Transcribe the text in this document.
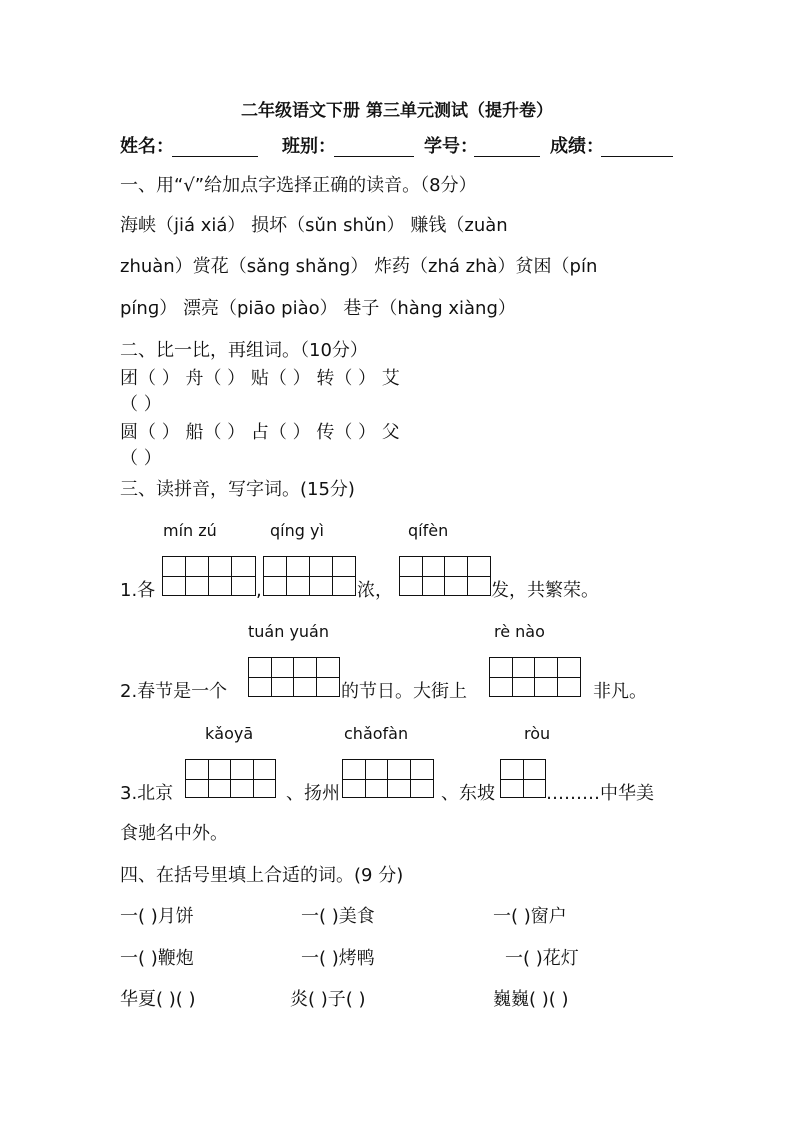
二年级语文下册 第三单元测试（提升卷）
姓名：	班别：	学号：	成绩：
一、用“√”给加点字选择正确的读音。（8分）
海峡（jiá xiá） 损坏（sǔn shǔn） 赚钱（zuàn
zhuàn）赏花（sǎng shǎng） 炸药（zhá zhà）贫困（pín
pínɡ） 漂亮（piāo piào） 巷子（hàng xiàng）
二、比一比，再组词。（10分）
团（ ） 舟（ ） 贴（ ） 转（ ） 艾
（ ）
圆（ ） 船（ ） 占（ ） 传（ ） 父
（ ）
三、读拼音，写字词。(15分)
mín zú	qíng yì	qífèn
1.各	,	浓，	发，共繁荣。
tuán yuán	rè nào
2.春节是一个	的节日。大街上	非凡。
kǎoyā	chǎofàn	ròu
3.北京	、扬州	、东坡	………中华美
食驰名中外。
四、在括号里填上合适的词。(9 分)
一( )月饼	一( )美食	一( )窗户
一( )鞭炮	一( )烤鸭	一( )花灯
华夏( )( )	炎( )子( )	巍巍( )( )
